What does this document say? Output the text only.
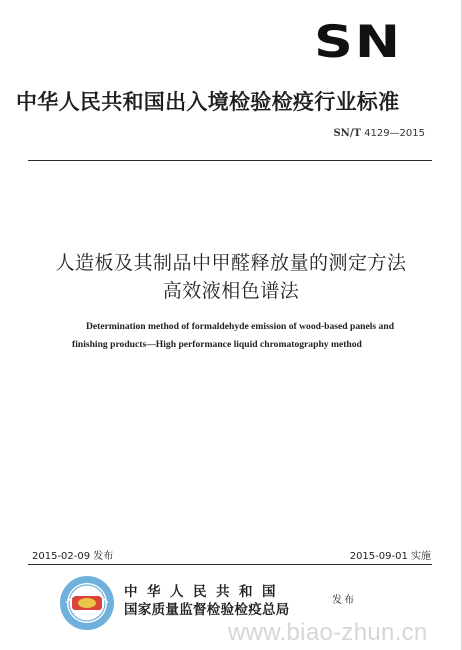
SN
中华人民共和国出入境检验检疫行业标准
SN/T 4129—2015
人造板及其制品中甲醛释放量的测定方法
高效液相色谱法
Determination method of formaldehyde emission of wood-based panels and
finishing products—High performance liquid chromatography method
2015-02-09 发布	2015-09-01 实施
中华人民共和国
国家质量监督检验检疫总局
发布
www.biao-zhun.cn
